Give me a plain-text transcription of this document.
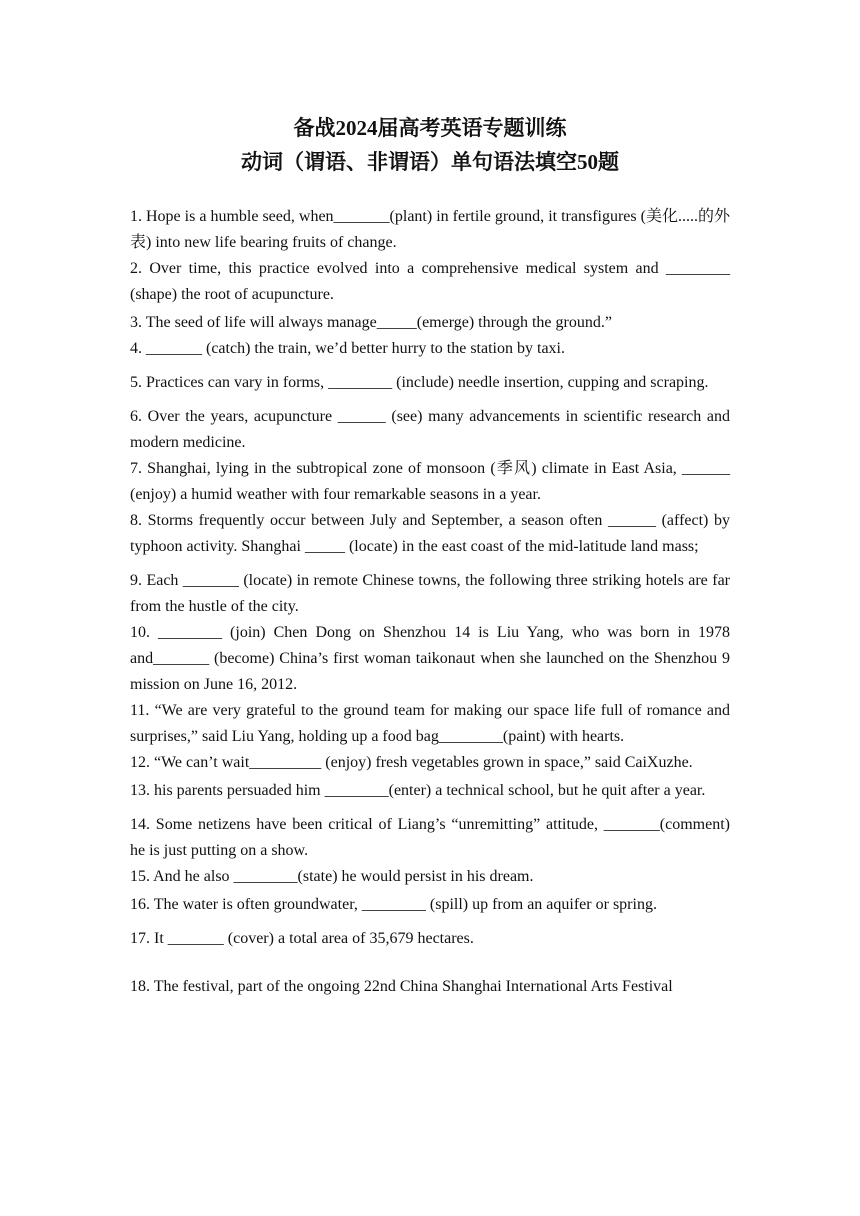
备战2024届高考英语专题训练
动词（谓语、非谓语）单句语法填空50题

1. Hope is a humble seed, when_______(plant) in fertile ground, it transfigures (美化.....的外表) into new life bearing fruits of change.

2. Over time, this practice evolved into a comprehensive medical system and ________ (shape) the root of acupuncture.

3. The seed of life will always manage_____(emerge) through the ground.”

4. _______ (catch) the train, we’d better hurry to the station by taxi.

5. Practices can vary in forms, ________ (include) needle insertion, cupping and scraping.

6. Over the years, acupuncture ______ (see) many advancements in scientific research and modern medicine.

7. Shanghai, lying in the subtropical zone of monsoon (季风) climate in East Asia, ______ (enjoy) a humid weather with four remarkable seasons in a year.

8. Storms frequently occur between July and September, a season often ______ (affect) by typhoon activity. Shanghai _____ (locate) in the east coast of the mid-latitude land mass;

9. Each _______ (locate) in remote Chinese towns, the following three striking hotels are far from the hustle of the city.

10. ________ (join) Chen Dong on Shenzhou 14 is Liu Yang, who was born in 1978 and_______ (become) China’s first woman taikonaut when she launched on the Shenzhou 9 mission on June 16, 2012.

11. “We are very grateful to the ground team for making our space life full of romance and surprises,” said Liu Yang, holding up a food bag________(paint) with hearts.

12. “We can’t wait_________ (enjoy) fresh vegetables grown in space,” said CaiXuzhe.

13. his parents persuaded him ________(enter) a technical school, but he quit after a year.

14. Some netizens have been critical of Liang’s “unremitting” attitude, _______(comment) he is just putting on a show.

15. And he also ________(state) he would persist in his dream.

16. The water is often groundwater, ________ (spill) up from an aquifer or spring.

17. It _______ (cover) a total area of 35,679 hectares.

18. The festival, part of the ongoing 22nd China Shanghai International Arts Festival
